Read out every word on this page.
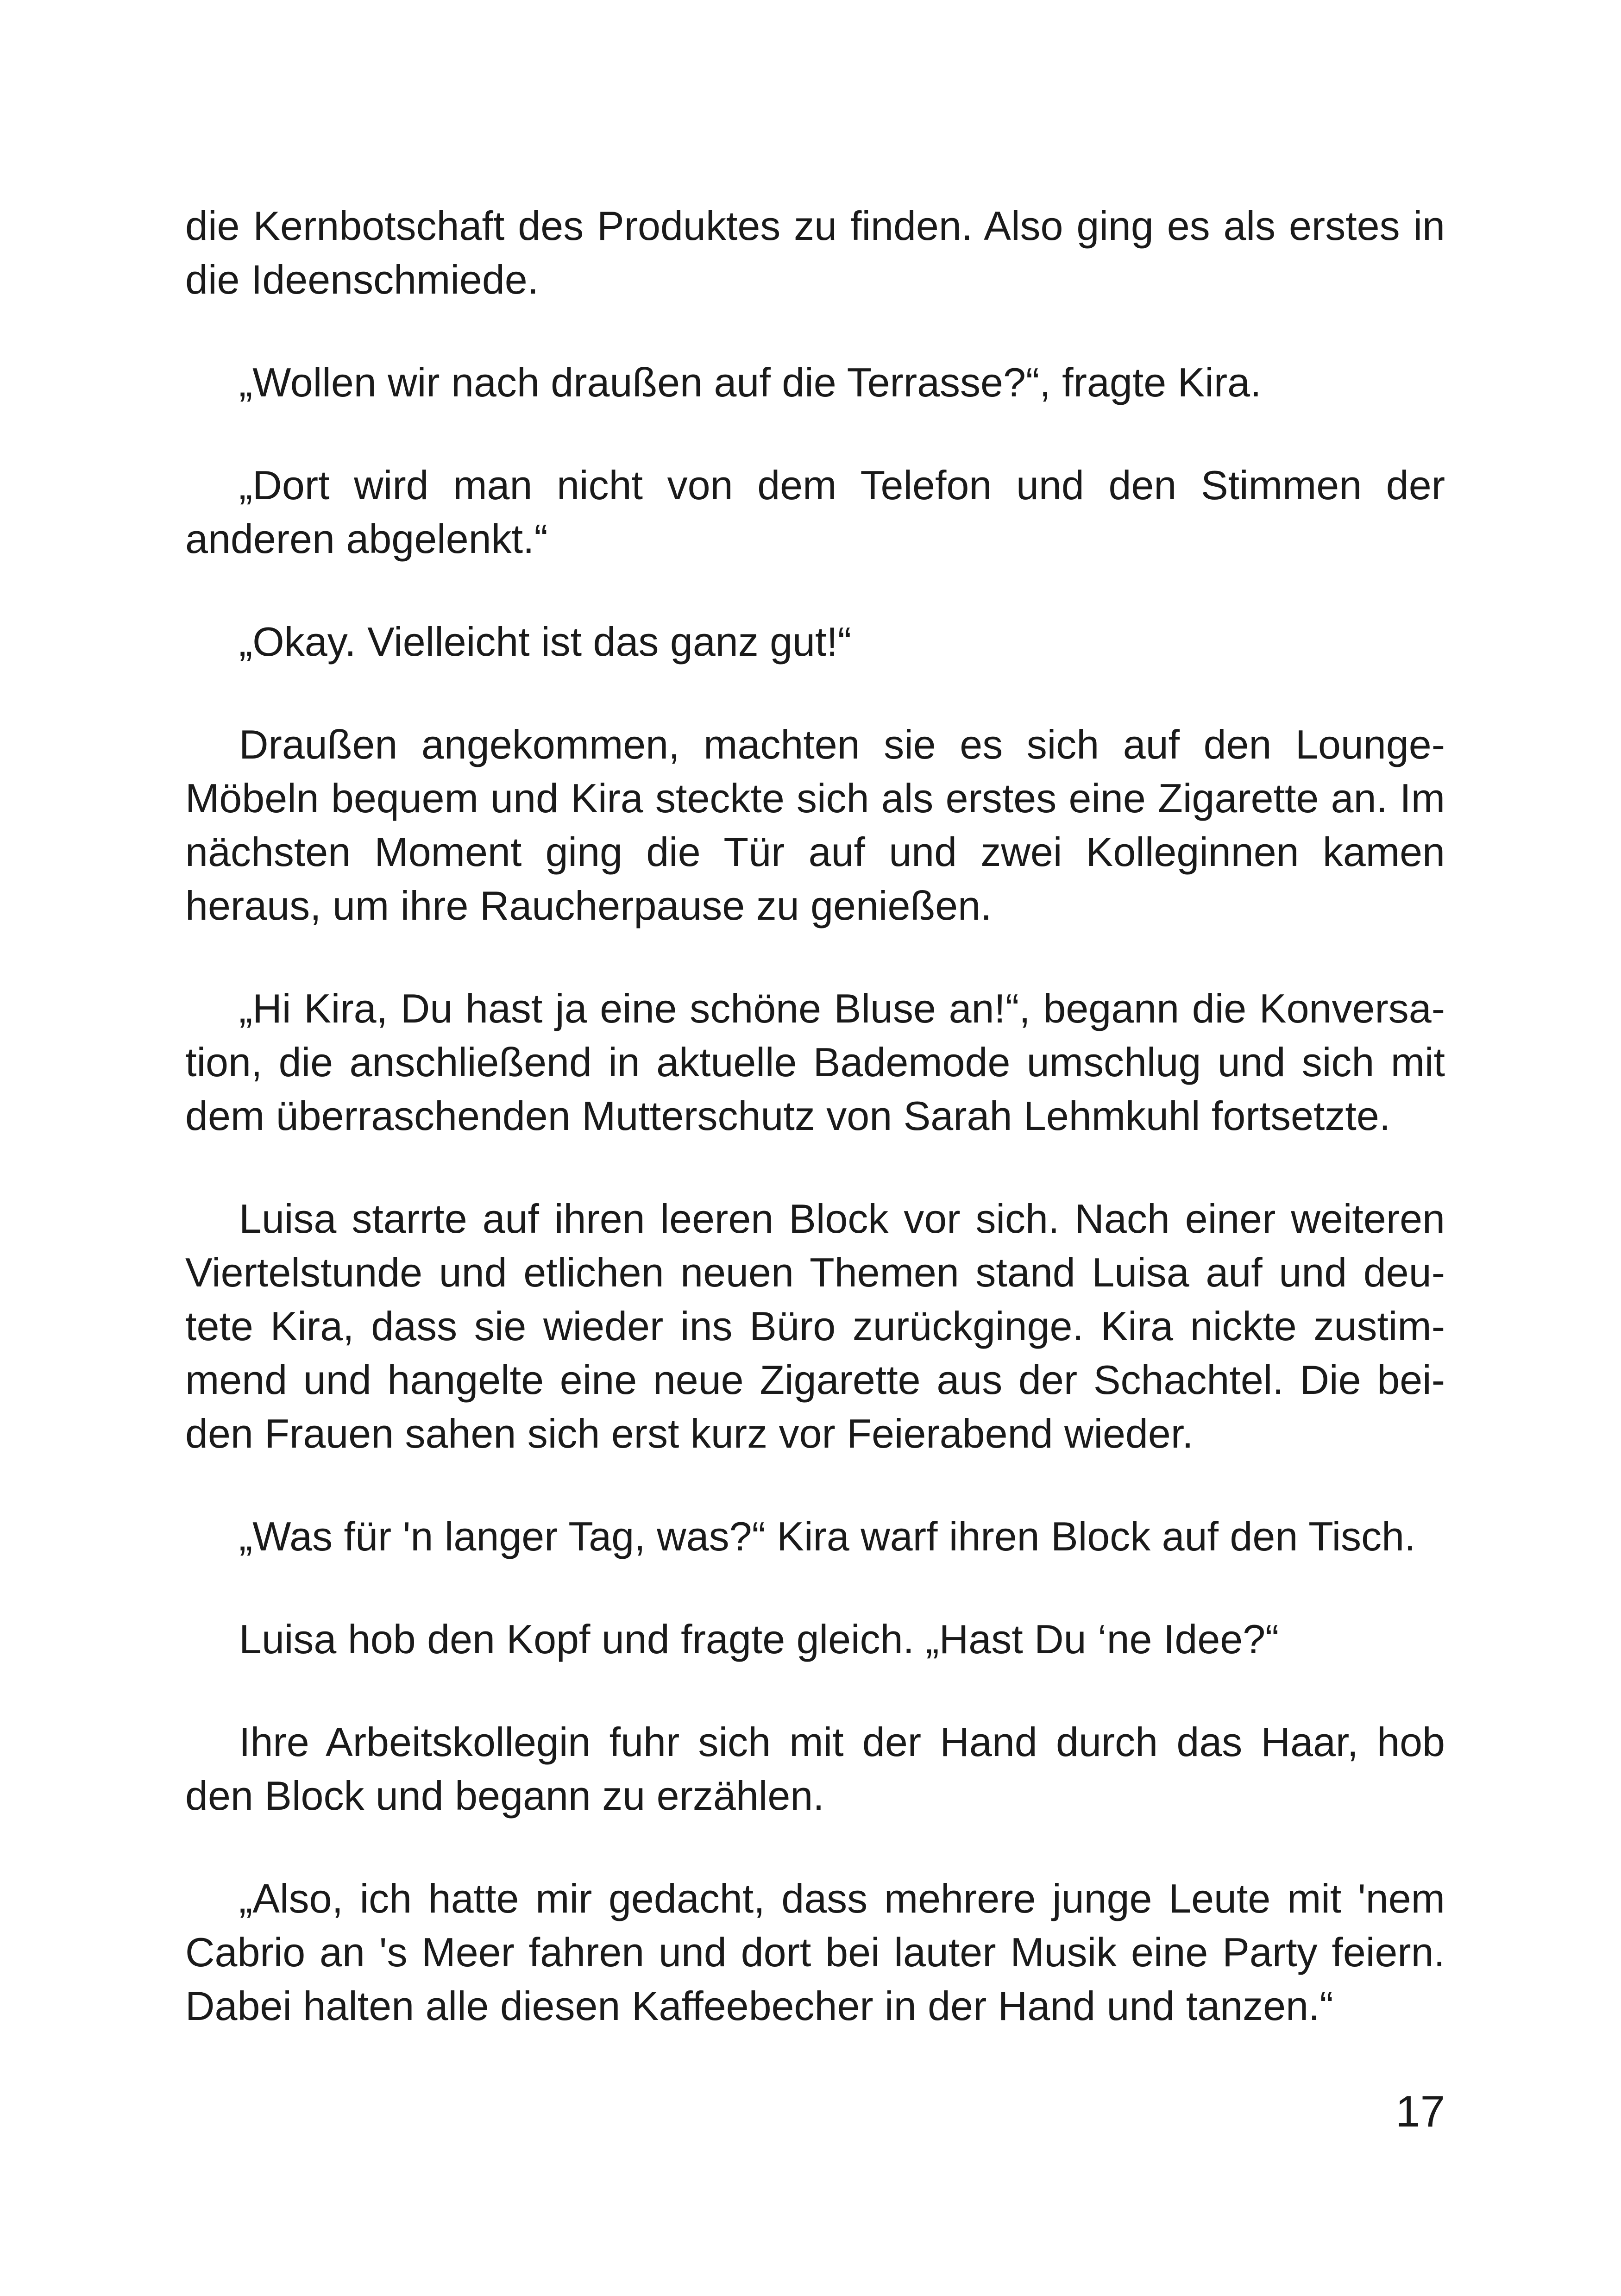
die Kernbotschaft des Produktes zu finden. Also ging es als erstes in die Ideenschmiede.

„Wollen wir nach draußen auf die Terrasse?“, fragte Kira.

„Dort wird man nicht von dem Telefon und den Stimmen der anderen abgelenkt.“

„Okay. Vielleicht ist das ganz gut!“

Draußen angekommen, machten sie es sich auf den Lounge-Möbeln bequem und Kira steckte sich als erstes eine Zigarette an. Im nächsten Moment ging die Tür auf und zwei Kolleginnen kamen heraus, um ihre Raucherpause zu genießen.

„Hi Kira, Du hast ja eine schöne Bluse an!“, begann die Konversation, die anschließend in aktuelle Bademode umschlug und sich mit dem überraschenden Mutterschutz von Sarah Lehmkuhl fortsetzte.

Luisa starrte auf ihren leeren Block vor sich. Nach einer weiteren Viertelstunde und etlichen neuen Themen stand Luisa auf und deutete Kira, dass sie wieder ins Büro zurückginge. Kira nickte zustimmend und hangelte eine neue Zigarette aus der Schachtel. Die beiden Frauen sahen sich erst kurz vor Feierabend wieder.

„Was für 'n langer Tag, was?“ Kira warf ihren Block auf den Tisch.

Luisa hob den Kopf und fragte gleich. „Hast Du ‘ne Idee?“

Ihre Arbeitskollegin fuhr sich mit der Hand durch das Haar, hob den Block und begann zu erzählen.

„Also, ich hatte mir gedacht, dass mehrere junge Leute mit 'nem Cabrio an 's Meer fahren und dort bei lauter Musik eine Party feiern. Dabei halten alle diesen Kaffeebecher in der Hand und tanzen.“

17
